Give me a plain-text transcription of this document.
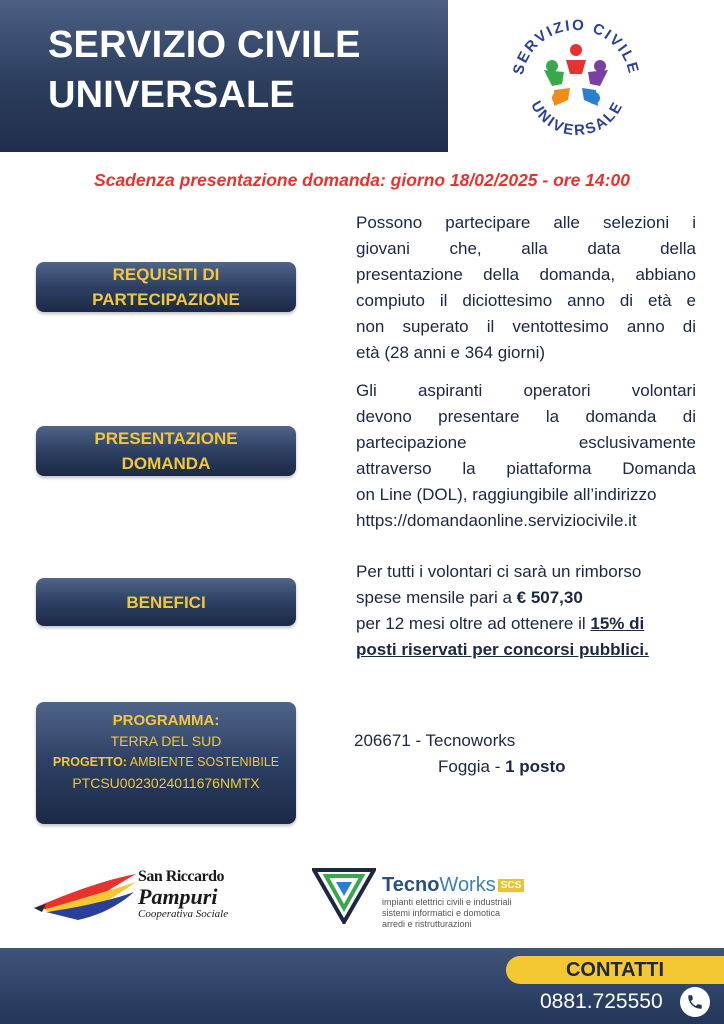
SERVIZIO CIVILE
UNIVERSALE
SERVIZIO CIVILE
UNIVERSALE
Scadenza presentazione domanda: giorno 18/02/2025 - ore 14:00
REQUISITI DI
PARTECIPAZIONE
Possono partecipare alle selezioni i
giovani che, alla data della
presentazione della domanda, abbiano
compiuto il diciottesimo anno di età e
non superato il ventottesimo anno di
età (28 anni e 364 giorni)
PRESENTAZIONE
DOMANDA
Gli aspiranti operatori volontari
devono presentare la domanda di
partecipazione esclusivamente
attraverso la piattaforma Domanda
on Line (DOL), raggiungibile all’indirizzo
https://domandaonline.serviziocivile.it
BENEFICI
Per tutti i volontari ci sarà un rimborso
spese mensile pari a € 507,30
per 12 mesi oltre ad ottenere il 15% di
posti riservati per concorsi pubblici.
PROGRAMMA:
TERRA DEL SUD
PROGETTO: AMBIENTE SOSTENIBILE
PTCSU0023024011676NMTX
206671 - Tecnoworks
Foggia - 1 posto
San Riccardo
Pampuri
Cooperativa Sociale
TecnoWorks SCS
impianti elettrici civili e industriali
sistemi informatici e domotica
arredi e ristrutturazioni
CONTATTI
0881.725550
